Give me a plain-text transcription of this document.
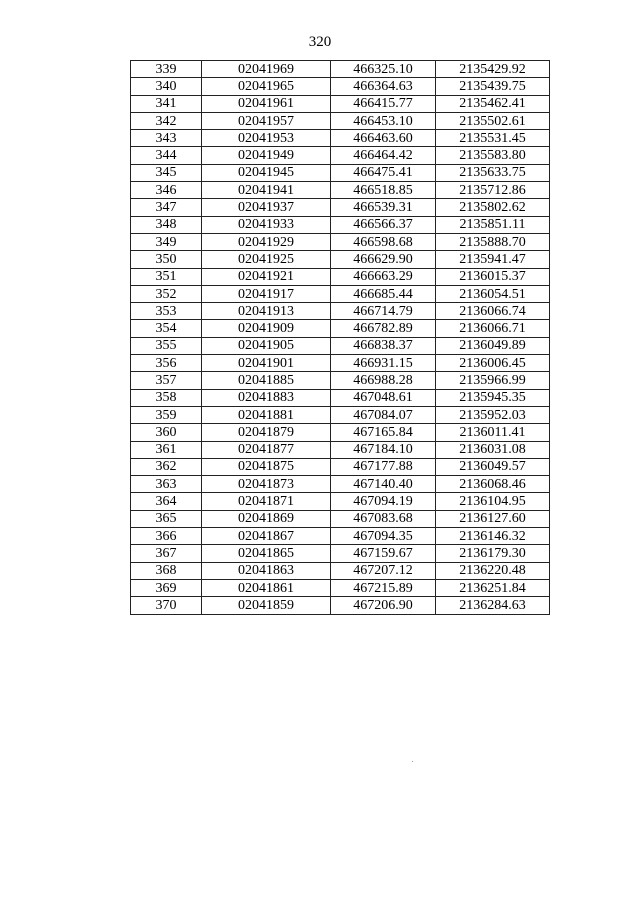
320
339	02041969	466325.10	2135429.92
340	02041965	466364.63	2135439.75
341	02041961	466415.77	2135462.41
342	02041957	466453.10	2135502.61
343	02041953	466463.60	2135531.45
344	02041949	466464.42	2135583.80
345	02041945	466475.41	2135633.75
346	02041941	466518.85	2135712.86
347	02041937	466539.31	2135802.62
348	02041933	466566.37	2135851.11
349	02041929	466598.68	2135888.70
350	02041925	466629.90	2135941.47
351	02041921	466663.29	2136015.37
352	02041917	466685.44	2136054.51
353	02041913	466714.79	2136066.74
354	02041909	466782.89	2136066.71
355	02041905	466838.37	2136049.89
356	02041901	466931.15	2136006.45
357	02041885	466988.28	2135966.99
358	02041883	467048.61	2135945.35
359	02041881	467084.07	2135952.03
360	02041879	467165.84	2136011.41
361	02041877	467184.10	2136031.08
362	02041875	467177.88	2136049.57
363	02041873	467140.40	2136068.46
364	02041871	467094.19	2136104.95
365	02041869	467083.68	2136127.60
366	02041867	467094.35	2136146.32
367	02041865	467159.67	2136179.30
368	02041863	467207.12	2136220.48
369	02041861	467215.89	2136251.84
370	02041859	467206.90	2136284.63
